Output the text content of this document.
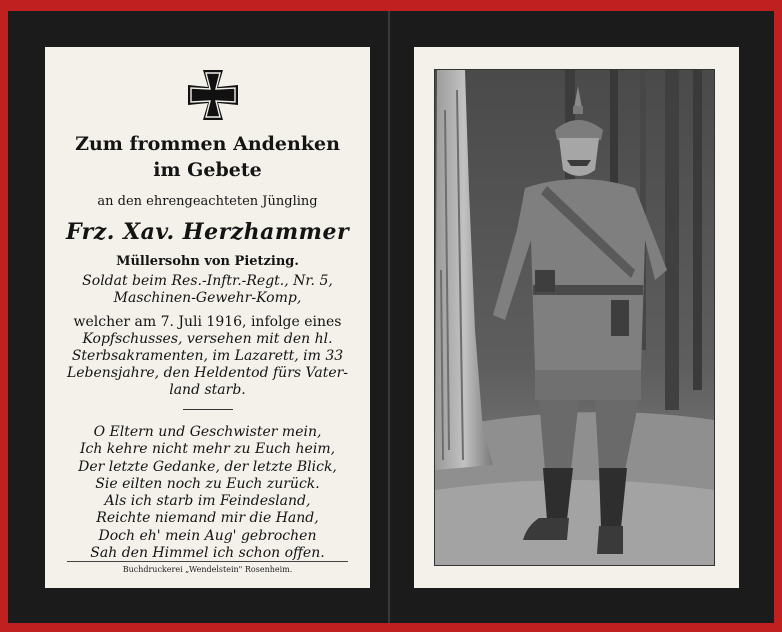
Zum frommen Andenken
im Gebete
an den ehrengeachteten Jüngling
Frz. Xav. Herzhammer
Müllersohn von Pietzing.
Soldat beim Res.-Inftr.-Regt., Nr. 5,
Maschinen-Gewehr-Komp,
welcher am 7. Juli 1916, infolge eines
Kopfschusses, versehen mit den hl.
Sterbsakramenten, im Lazarett, im 33
Lebensjahre, den Heldentod fürs Vater-
land starb.
O Eltern und Geschwister mein,
Ich kehre nicht mehr zu Euch heim,
Der letzte Gedanke, der letzte Blick,
Sie eilten noch zu Euch zurück.
Als ich starb im Feindesland,
Reichte niemand mir die Hand,
Doch eh' mein Aug' gebrochen
Sah den Himmel ich schon offen.
Buchdruckerei „Wendelstein" Rosenheim.
